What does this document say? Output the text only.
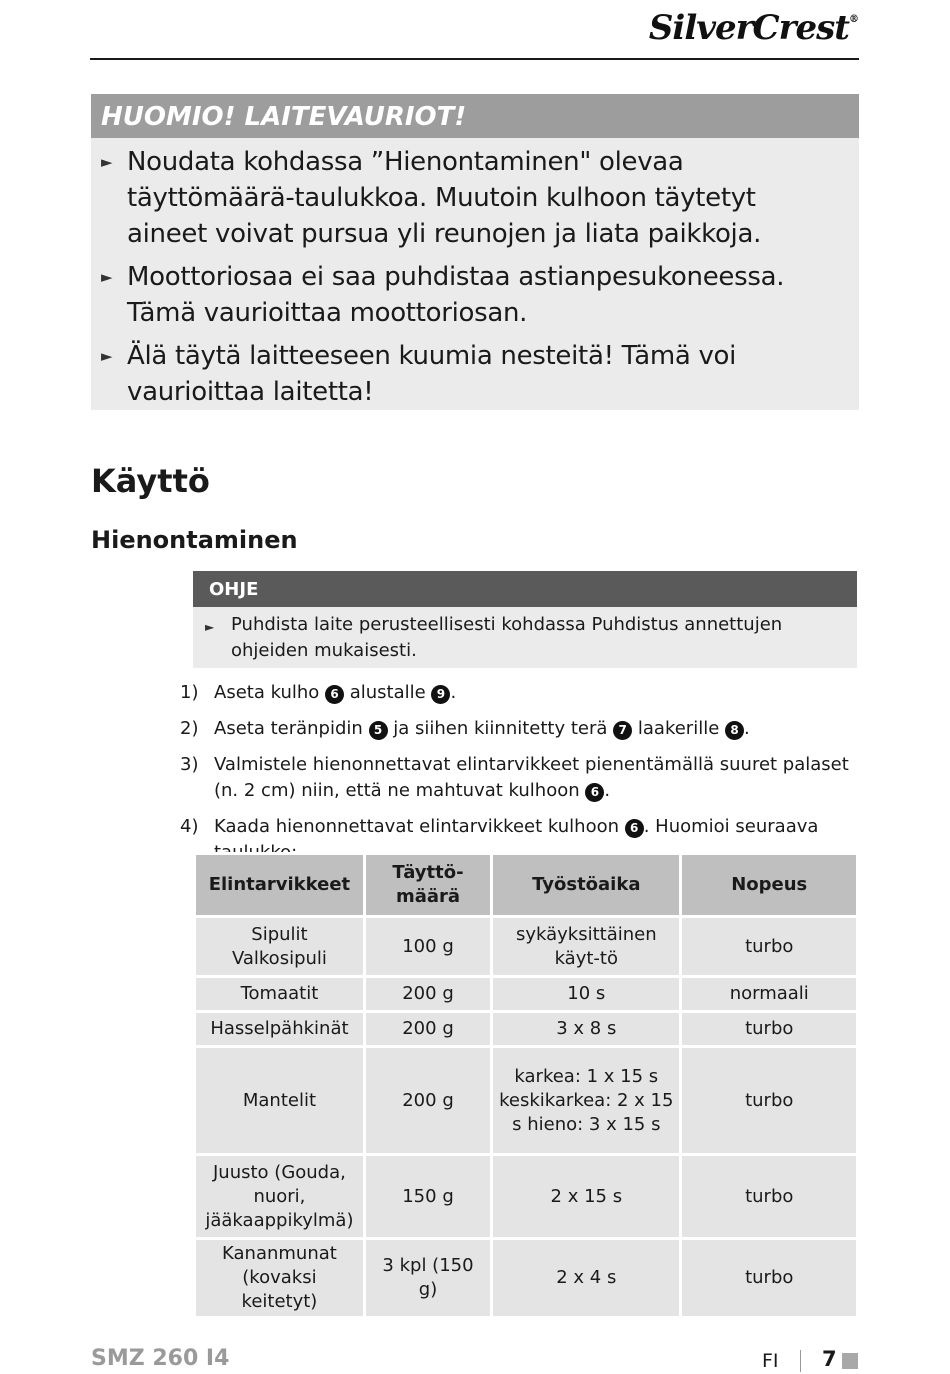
SilverCrest®
HUOMIO! LAITEVAURIOT!
► Noudata kohdassa ”Hienontaminen" olevaa täyttömäärä-taulukkoa. Muutoin kulhoon täytetyt aineet voivat pursua yli reunojen ja liata paikkoja.
► Moottoriosaa ei saa puhdistaa astianpesukoneessa. Tämä vaurioittaa moottoriosan.
► Älä täytä laitteeseen kuumia nesteitä! Tämä voi vaurioittaa laitetta!
Käyttö
Hienontaminen
OHJE
► Puhdista laite perusteellisesti kohdassa Puhdistus annettujen ohjeiden mukaisesti.
1) Aseta kulho 6 alustalle 9 .
2) Aseta teränpidin 5 ja siihen kiinnitetty terä 7 laakerille 8 .
3) Valmistele hienonnettavat elintarvikkeet pienentämällä suuret palaset (n. 2 cm) niin, että ne mahtuvat kulhoon 6 .
4) Kaada hienonnettavat elintarvikkeet kulhoon 6 . Huomioi seuraava
Elintarvikkeet	Täyttö-määrä	Työstöaika	Nopeus
Sipulit Valkosipuli	100 g	sykäyksittäinen käyt-tö	turbo
Tomaatit	200 g	10 s	normaali
Hasselpähkinät	200 g	3 x 8 s	turbo
Mantelit	200 g	karkea: 1 x 15 s keskikarkea: 2 x 15 s hieno: 3 x 15 s	turbo
Juusto (Gouda, nuori, jääkaappikylmä)	150 g	2 x 15 s	turbo
Kananmunat (kovaksi keitetyt)	3 kpl (150 g)	2 x 4 s	turbo
SMZ 260 I4	FI 7
